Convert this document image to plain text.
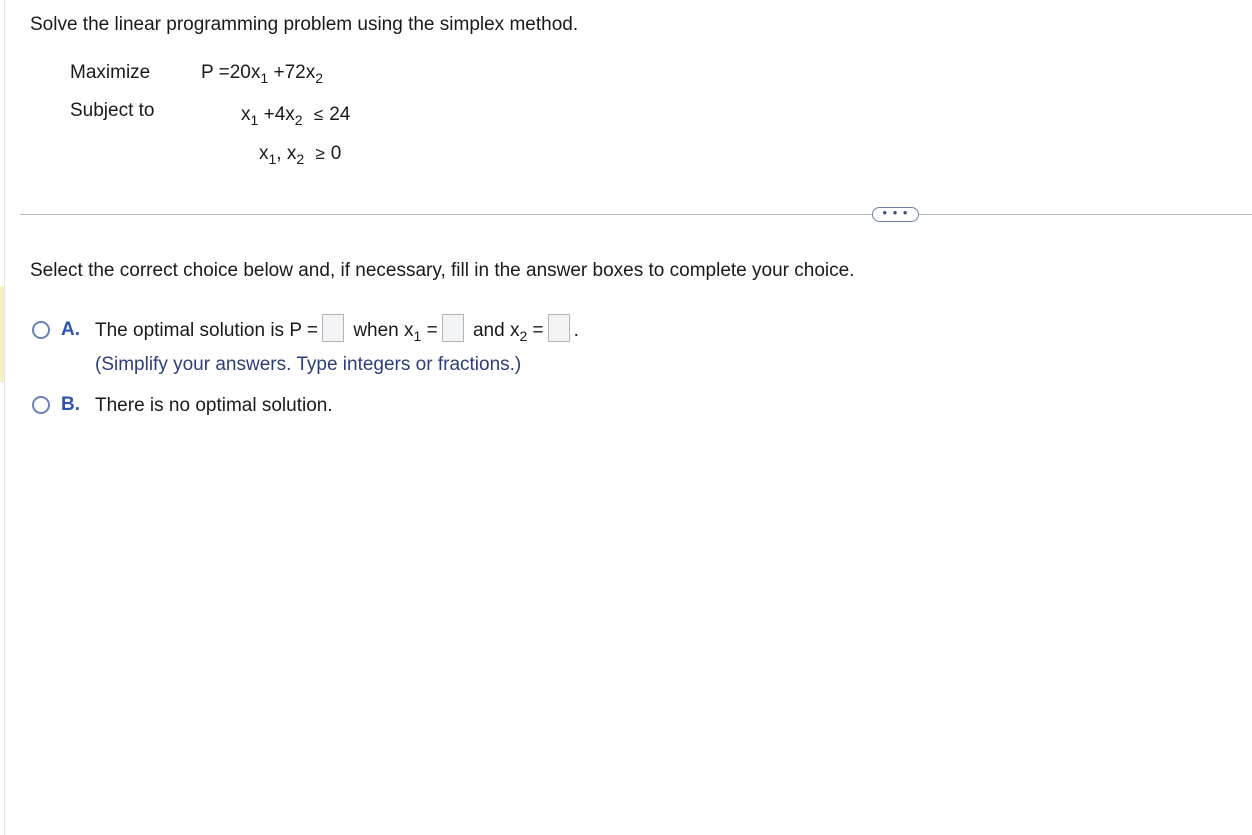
Solve the linear programming problem using the simplex method.
Maximize
Subject to
$P =20x_1 +72x_2$
$x_1 +4x_2 \le 24$
$x_1$, $x_2 \ge 0$
• • •
Select the correct choice below and, if necessary, fill in the answer boxes to complete your choice.
A. The optimal solution is P = when $x_1$ = and $x_2$ = .
(Simplify your answers. Type integers or fractions.)
B. There is no optimal solution.
